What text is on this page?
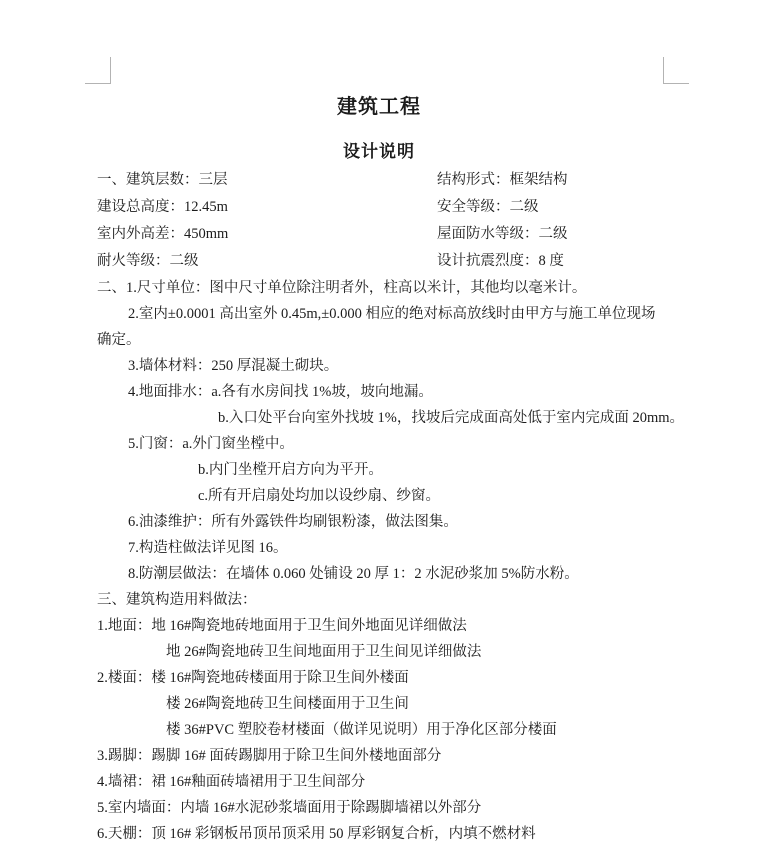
建筑工程
设计说明
一、建筑层数：三层	结构形式：框架结构
建设总高度：12.45m	安全等级：二级
室内外高差：450mm	屋面防水等级：二级
耐火等级：二级	设计抗震烈度：8 度
二、1.尺寸单位：图中尺寸单位除注明者外，柱高以米计，其他均以毫米计。
2.室内±0.0001 高出室外 0.45m,±0.000 相应的绝对标高放线时由甲方与施工单位现场
确定。
3.墙体材料：250 厚混凝土砌块。
4.地面排水：a.各有水房间找 1%坡，坡向地漏。
b.入口处平台向室外找坡 1%，找坡后完成面高处低于室内完成面 20mm。
5.门窗：a.外门窗坐樘中。
b.内门坐樘开启方向为平开。
c.所有开启扇处均加以设纱扇、纱窗。
6.油漆维护：所有外露铁件均刷银粉漆，做法图集。
7.构造柱做法详见图 16。
8.防潮层做法：在墙体 0.060 处铺设 20 厚 1：2 水泥砂浆加 5%防水粉。
三、建筑构造用料做法：
1.地面：地 16#陶瓷地砖地面用于卫生间外地面见详细做法
地 26#陶瓷地砖卫生间地面用于卫生间见详细做法
2.楼面：楼 16#陶瓷地砖楼面用于除卫生间外楼面
楼 26#陶瓷地砖卫生间楼面用于卫生间
楼 36#PVC 塑胶卷材楼面（做详见说明）用于净化区部分楼面
3.踢脚：踢脚 16# 面砖踢脚用于除卫生间外楼地面部分
4.墙裙：裙 16#釉面砖墙裙用于卫生间部分
5.室内墙面：内墙 16#水泥砂浆墙面用于除踢脚墙裙以外部分
6.天棚：顶 16# 彩钢板吊顶吊顶采用 50 厚彩钢复合析，内填不燃材料
